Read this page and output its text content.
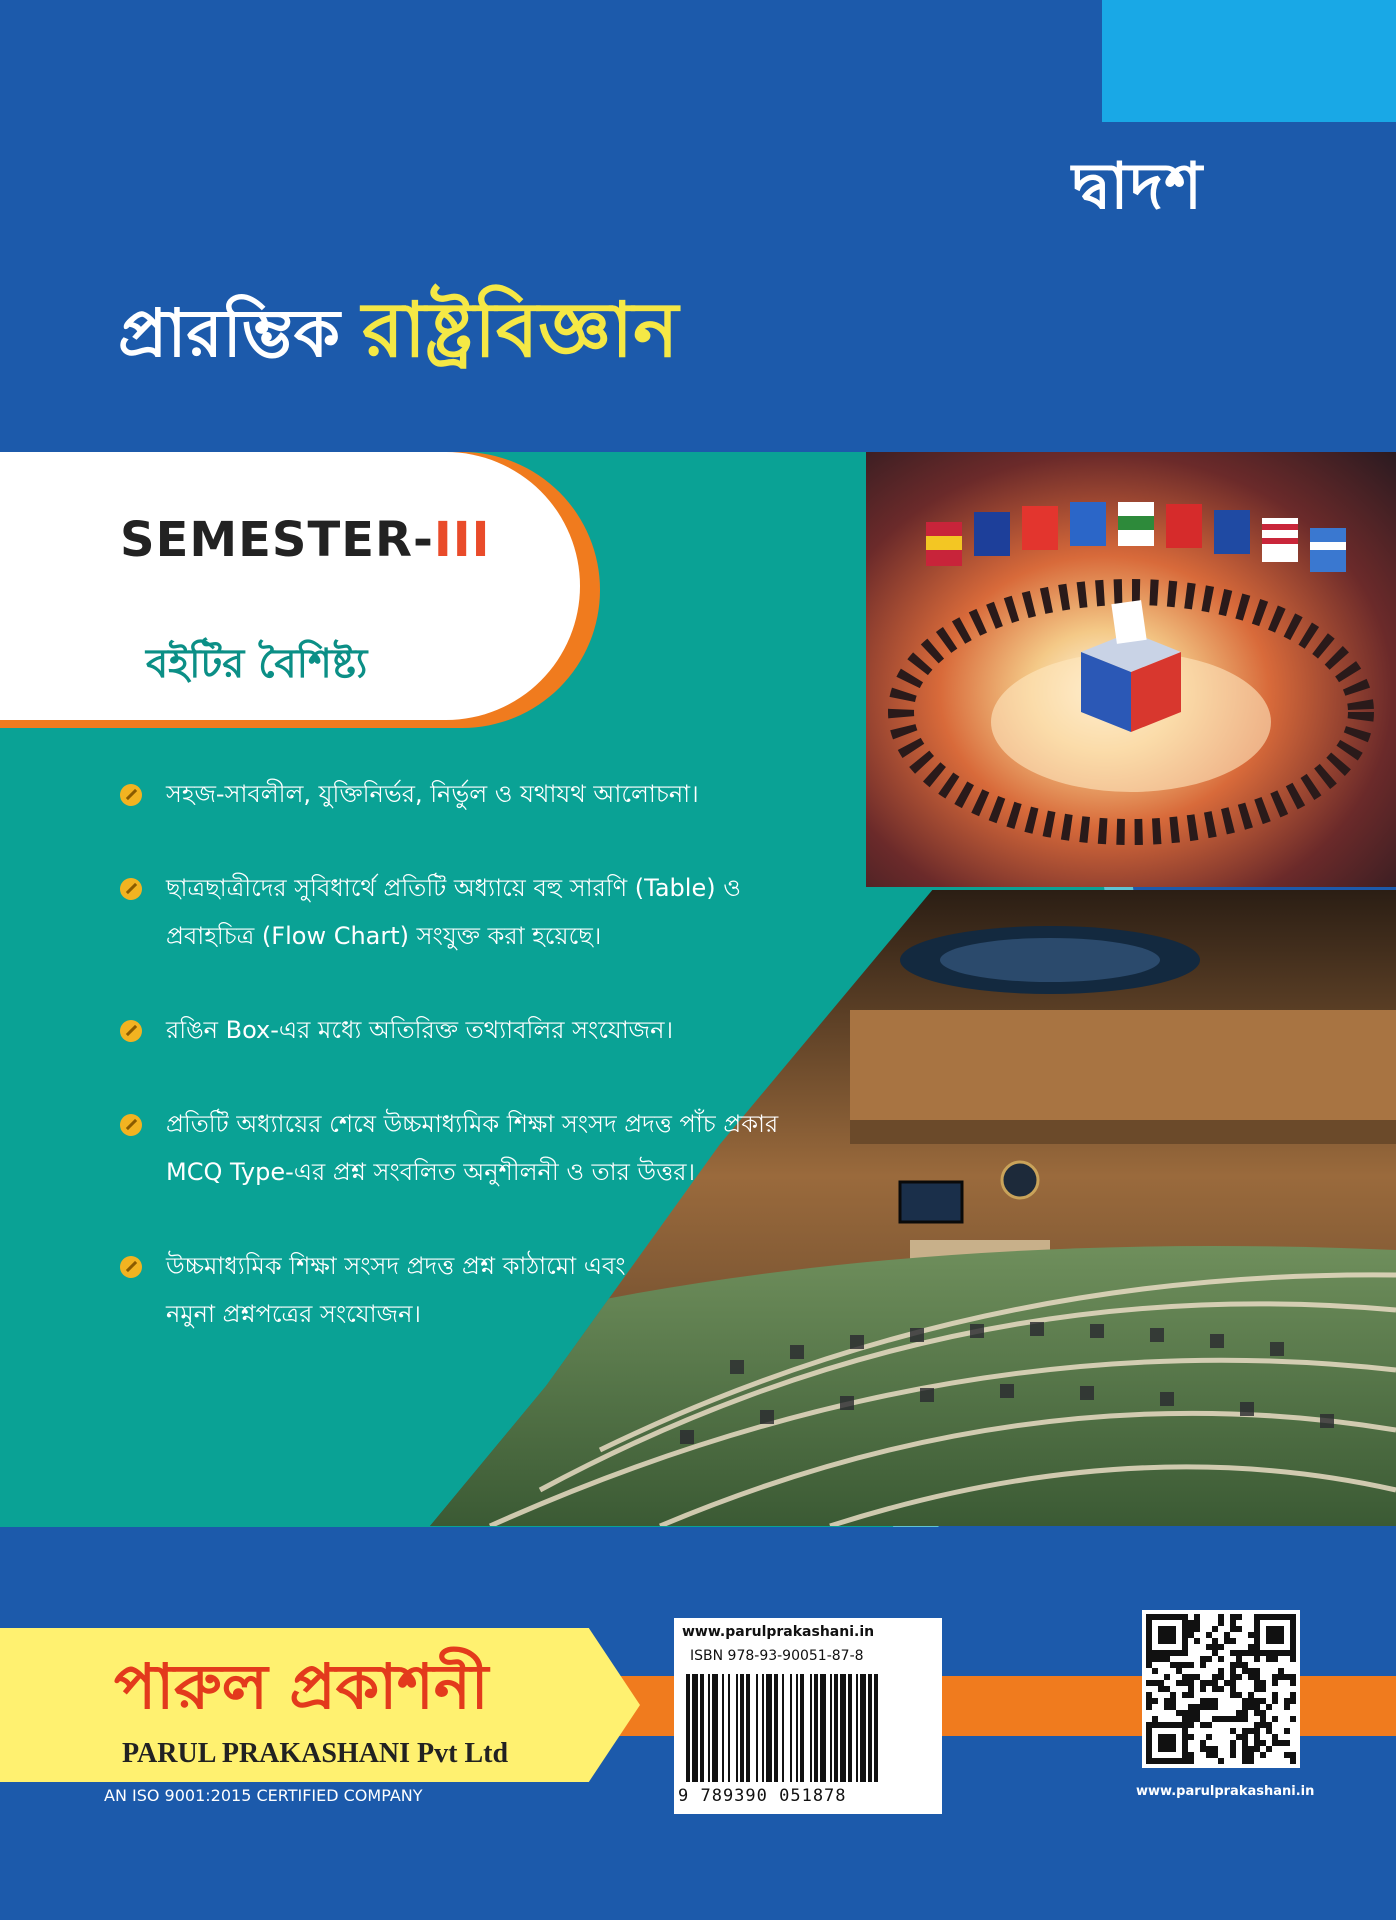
দ্বাদশ
প্রারম্ভিক রাষ্ট্রবিজ্ঞান
SEMESTER-III
বইটির বৈশিষ্ট্য
সহজ-সাবলীল, যুক্তিনির্ভর, নির্ভুল ও যথাযথ আলোচনা।
ছাত্রছাত্রীদের সুবিধার্থে প্রতিটি অধ্যায়ে বহু সারণি (Table) ও
প্রবাহচিত্র (Flow Chart) সংযুক্ত করা হয়েছে।
রঙিন Box-এর মধ্যে অতিরিক্ত তথ্যাবলির সংযোজন।
প্রতিটি অধ্যায়ের শেষে উচ্চমাধ্যমিক শিক্ষা সংসদ প্রদত্ত পাঁচ প্রকার
MCQ Type-এর প্রশ্ন সংবলিত অনুশীলনী ও তার উত্তর।
উচ্চমাধ্যমিক শিক্ষা সংসদ প্রদত্ত প্রশ্ন কাঠামো এবং
নমুনা প্রশ্নপত্রের সংযোজন।
পারুল প্রকাশনী
PARUL PRAKASHANI Pvt Ltd
AN ISO 9001:2015 CERTIFIED COMPANY
www.parulprakashani.in
ISBN 978-93-90051-87-8
9 789390 051878	www.parulprakashani.in
